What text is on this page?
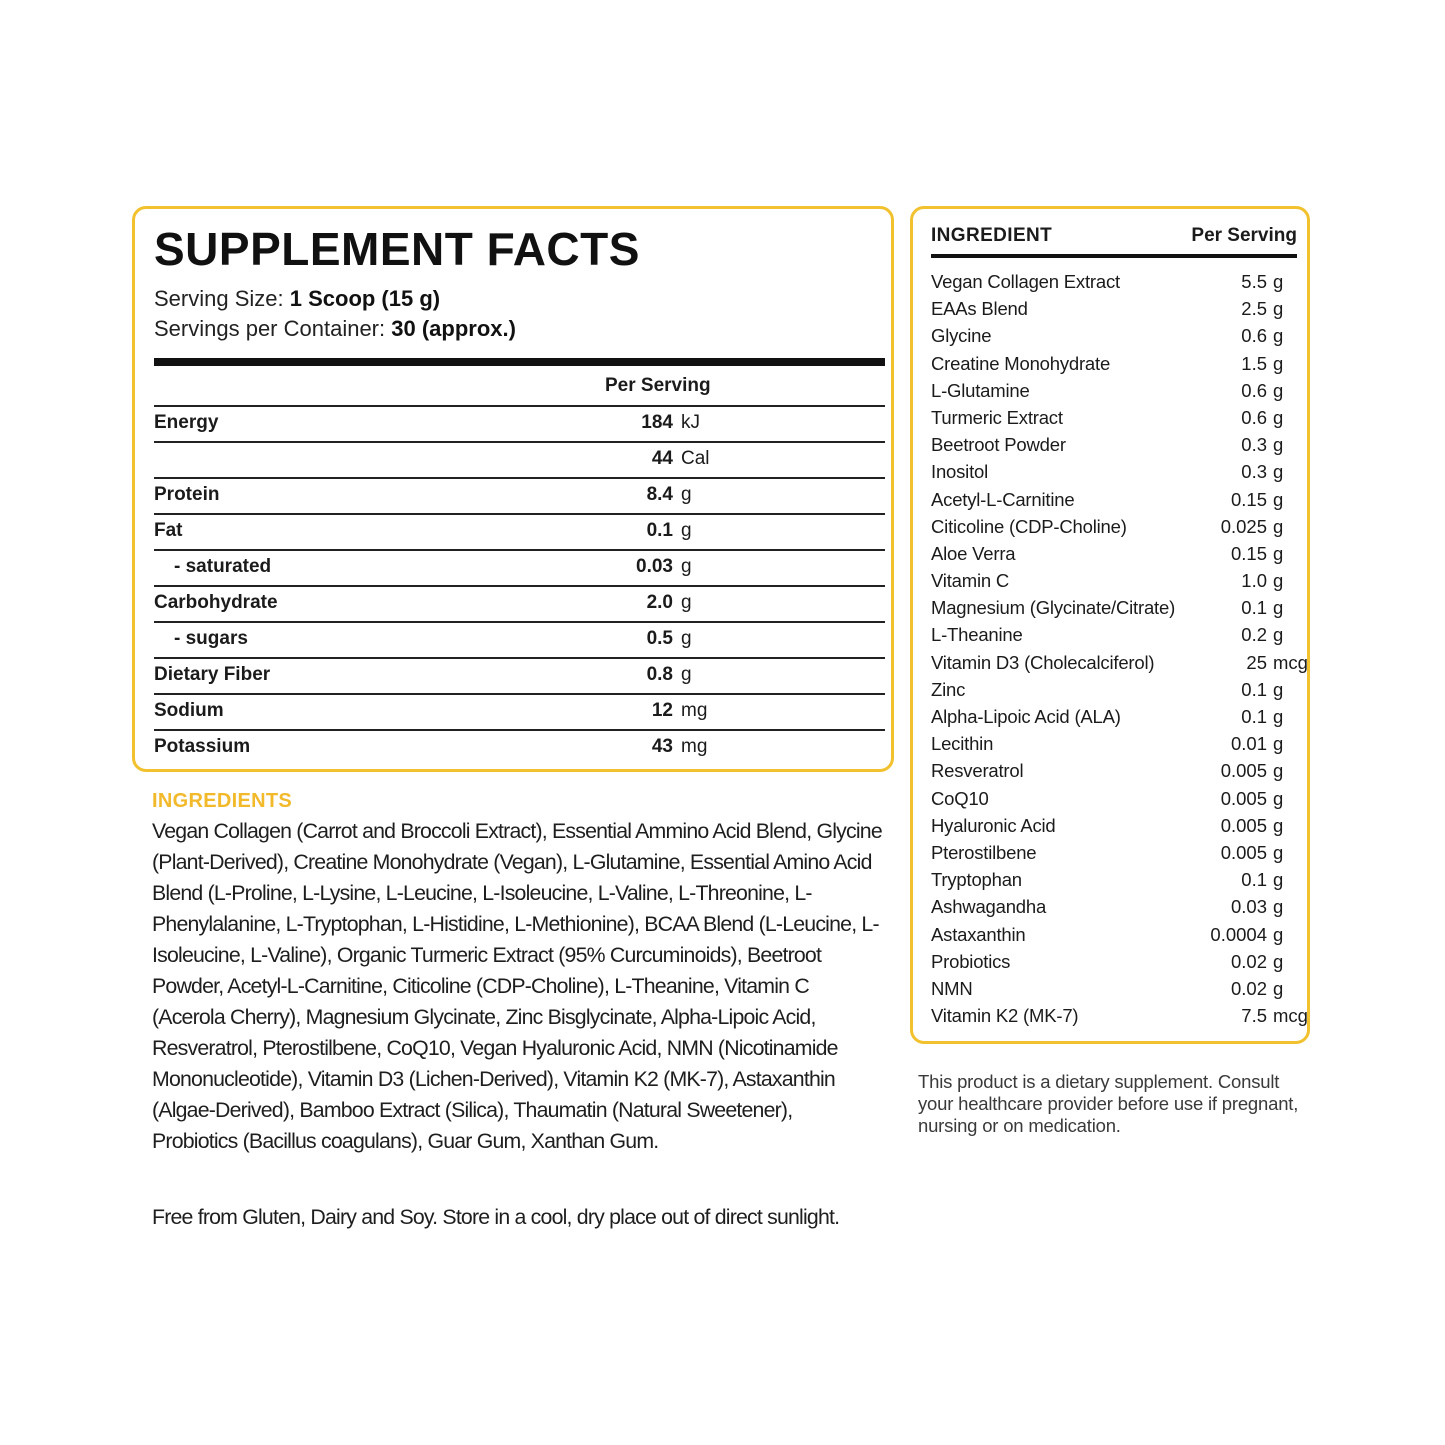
SUPPLEMENT FACTS
Serving Size: 1 Scoop (15 g)
Servings per Container: 30 (approx.)
Per Serving
Energy	184 kJ
44 Cal
Protein	8.4 g
Fat	0.1 g
- saturated	0.03 g
Carbohydrate	2.0 g
- sugars	0.5 g
Dietary Fiber	0.8 g
Sodium	12 mg
Potassium	43 mg
INGREDIENTS

Vegan Collagen (Carrot and Broccoli Extract), Essential Ammino Acid Blend, Glycine (Plant-Derived), Creatine Monohydrate (Vegan), L-Glutamine, Essential Amino Acid Blend (L-Proline, L-Lysine, L-Leucine, L-Isoleucine, L-Valine, L-Threonine, L-Phenylalanine, L-Tryptophan, L-Histidine, L-Methionine), BCAA Blend (L-Leucine, L-Isoleucine, L-Valine), Organic Turmeric Extract (95% Curcuminoids), Beetroot Powder, Acetyl-L-Carnitine, Citicoline (CDP-Choline), L-Theanine, Vitamin C (Acerola Cherry), Magnesium Glycinate, Zinc Bisglycinate, Alpha-Lipoic Acid, Resveratrol, Pterostilbene, CoQ10, Vegan Hyaluronic Acid, NMN (Nicotinamide Mononucleotide), Vitamin D3 (Lichen-Derived), Vitamin K2 (MK-7), Astaxanthin (Algae-Derived), Bamboo Extract (Silica), Thaumatin (Natural Sweetener), Probiotics (Bacillus coagulans), Guar Gum, Xanthan Gum.

Free from Gluten, Dairy and Soy. Store in a cool, dry place out of direct sunlight.

INGREDIENT	Per Serving
Vegan Collagen Extract	5.5 g
EAAs Blend	2.5 g
Glycine	0.6 g
Creatine Monohydrate	1.5 g
L-Glutamine	0.6 g
Turmeric Extract	0.6 g
Beetroot Powder	0.3 g
Inositol	0.3 g
Acetyl-L-Carnitine	0.15 g
Citicoline (CDP-Choline)	0.025 g
Aloe Verra	0.15 g
Vitamin C	1.0 g
Magnesium (Glycinate/Citrate)	0.1 g
L-Theanine	0.2 g
Vitamin D3 (Cholecalciferol)	25 mcg
Zinc	0.1 g
Alpha-Lipoic Acid (ALA)	0.1 g
Lecithin	0.01 g
Resveratrol	0.005 g
CoQ10	0.005 g
Hyaluronic Acid	0.005 g
Pterostilbene	0.005 g
Tryptophan	0.1 g
Ashwagandha	0.03 g
Astaxanthin	0.0004 g
Probiotics	0.02 g
NMN	0.02 g
Vitamin K2 (MK-7)	7.5 mcg

This product is a dietary supplement. Consult your healthcare provider before use if pregnant, nursing or on medication.
